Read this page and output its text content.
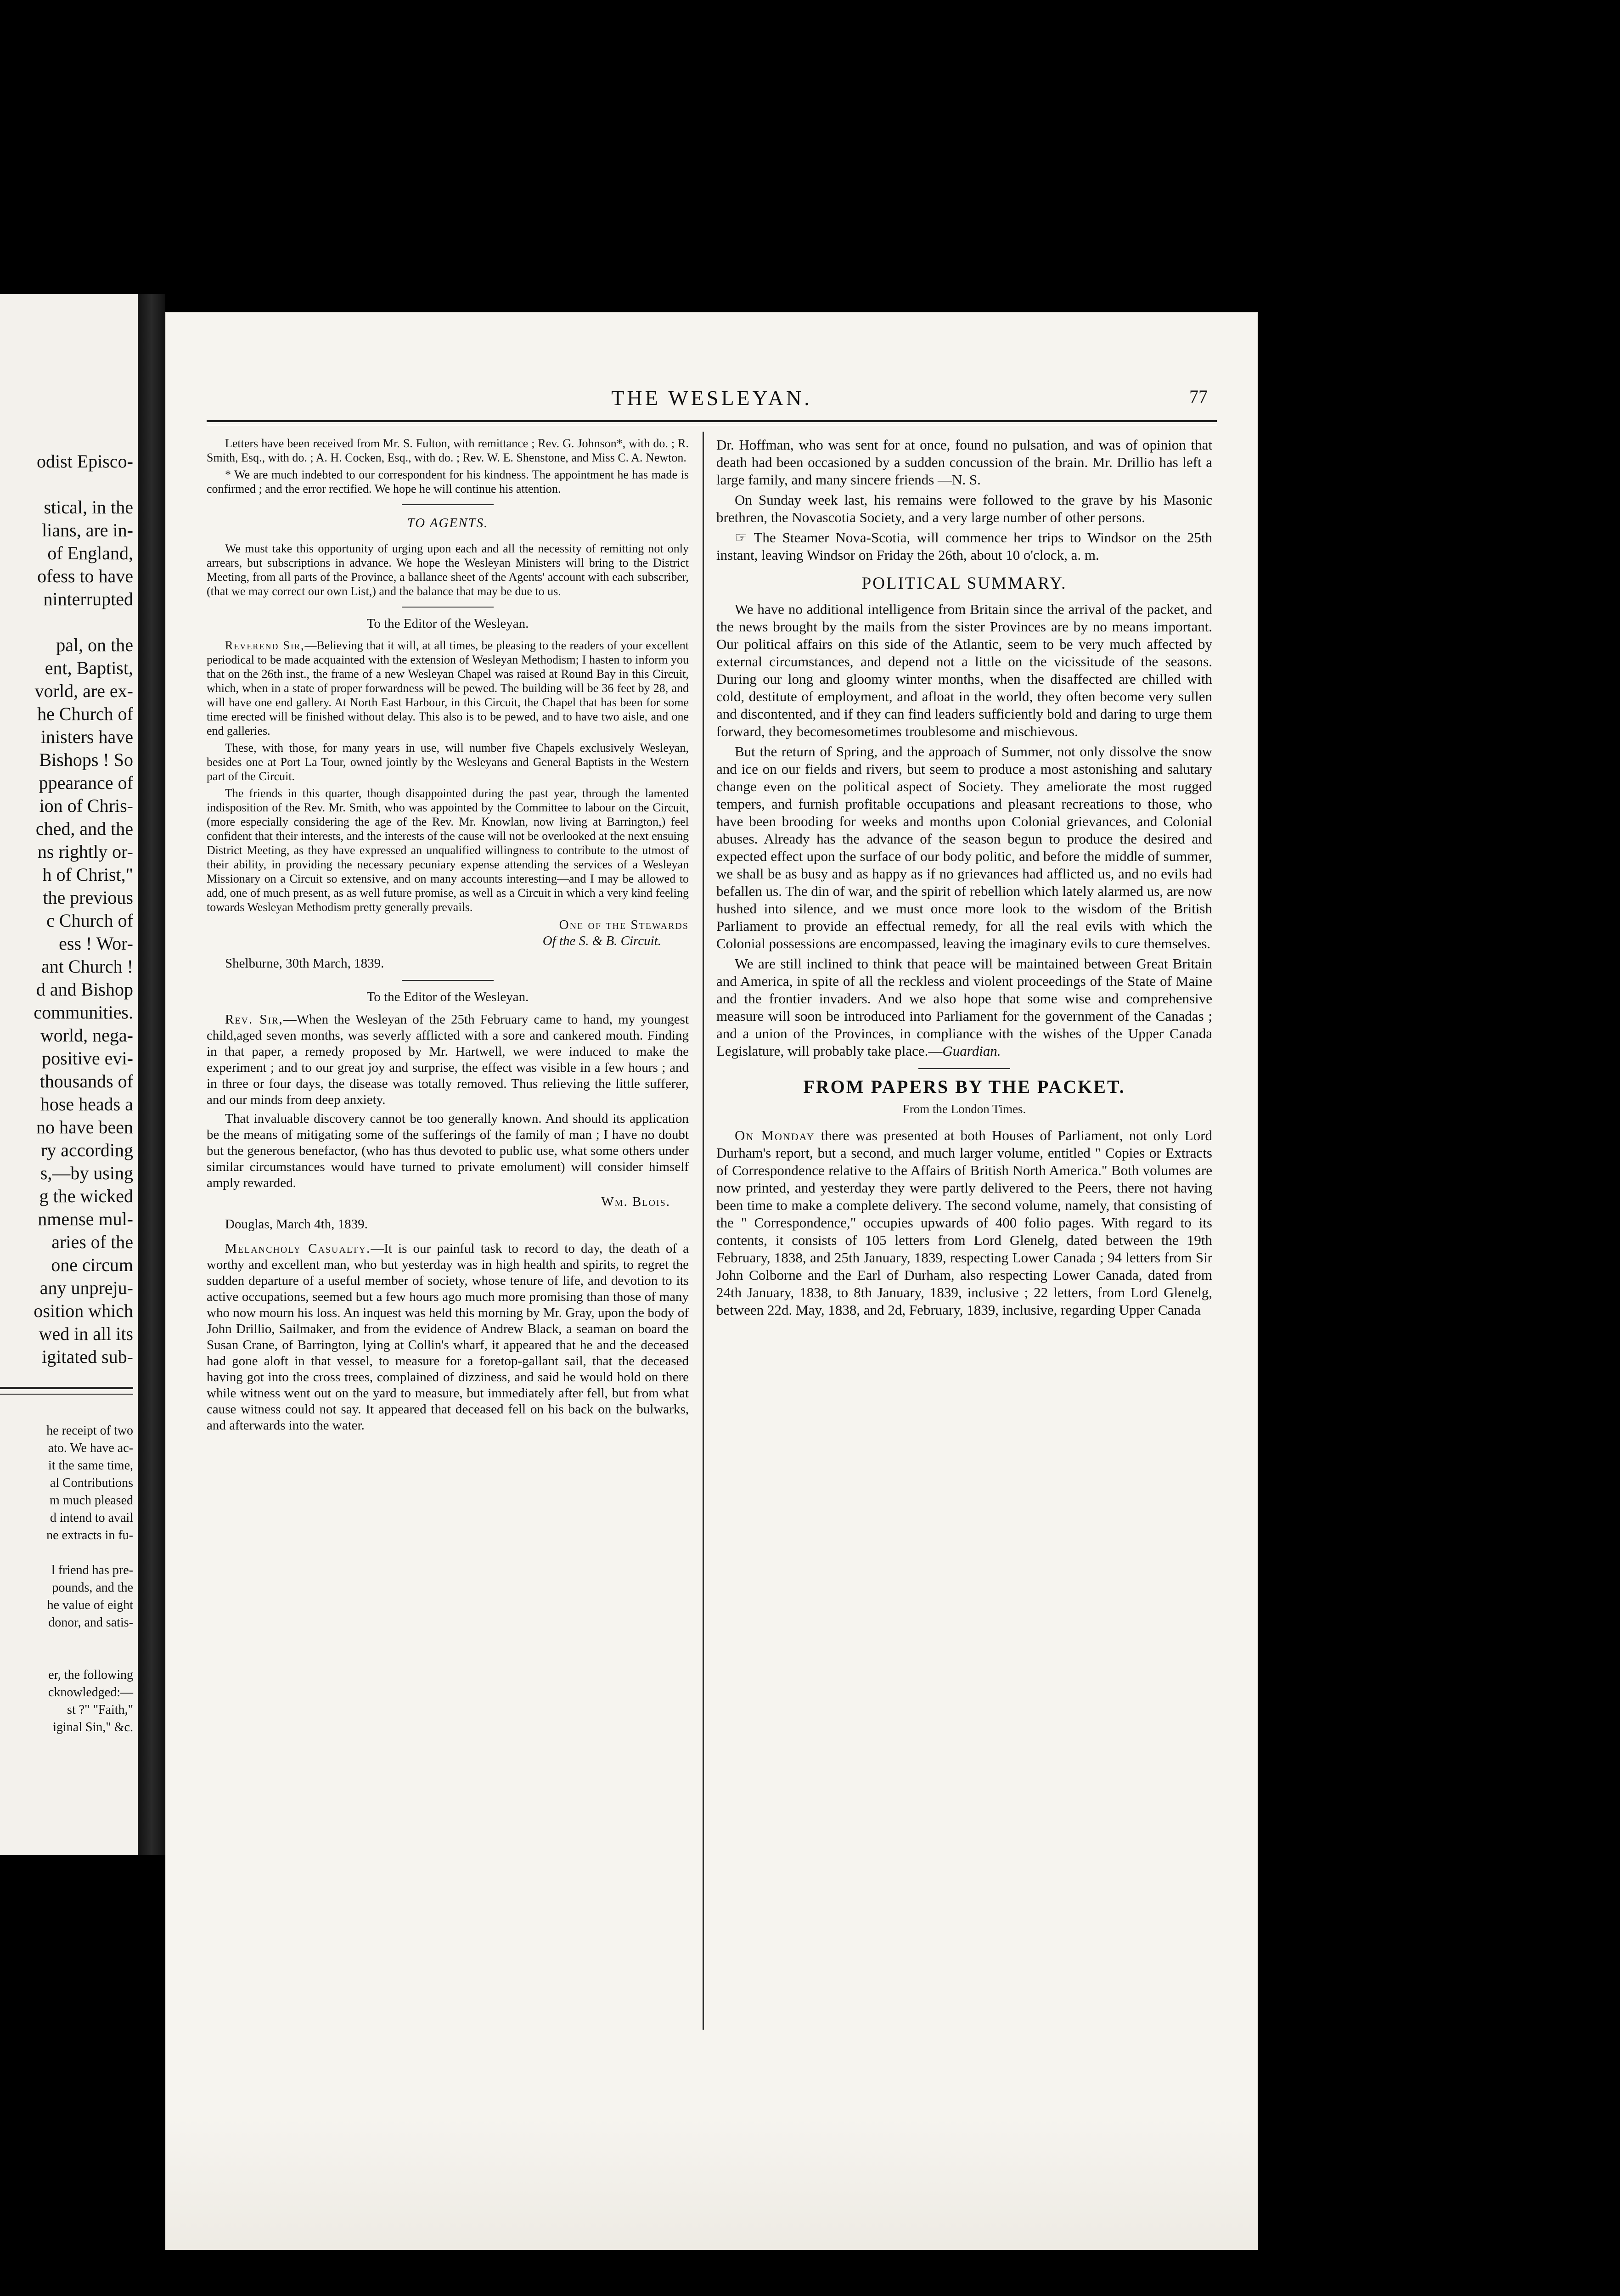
odist Episco-

stical, in the
lians, are in-
of England,
ofess to have
ninterrupted

pal, on the
ent, Baptist,
vorld, are ex-
he Church of
inisters have
Bishops ! So
ppearance of
ion of Chris-
ched, and the
ns rightly or-
h of Christ,"
the previous
c Church of
ess ! Wor-
ant Church !
d and Bishop
communities.
world, nega-
positive evi-
thousands of
hose heads a
no have been
ry according
s,—by using
g the wicked
nmense mul-
aries of the
one circum
any unpreju-
osition which
wed in all its
igitated sub-
he receipt of two
ato. We have ac-
it the same time,
al Contributions
m much pleased
d intend to avail
ne extracts in fu-

l friend has pre-
pounds, and the
he value of eight
donor, and satis-

er, the following
cknowledged:—
st ?" "Faith,"
iginal Sin," &c.
THE WESLEYAN.	77

Letters have been received from Mr. S. Fulton, with remittance ; Rev. G. Johnson*, with do. ; R. Smith, Esq., with do. ; A. H. Cocken, Esq., with do. ; Rev. W. E. Shenstone, and Miss C. A. Newton.

* We are much indebted to our correspondent for his kindness. The appointment he has made is confirmed ; and the error rectified. We hope he will continue his attention.

TO AGENTS.

We must take this opportunity of urging upon each and all the necessity of remitting not only arrears, but subscriptions in advance. We hope the Wesleyan Ministers will bring to the District Meeting, from all parts of the Province, a ballance sheet of the Agents' account with each subscriber, (that we may correct our own List,) and the balance that may be due to us.

To the Editor of the Wesleyan.

Reverend Sir,—Believing that it will, at all times, be pleasing to the readers of your excellent periodical to be made acquainted with the extension of Wesleyan Methodism; I hasten to inform you that on the 26th inst., the frame of a new Wesleyan Chapel was raised at Round Bay in this Circuit, which, when in a state of proper forwardness will be pewed. The building will be 36 feet by 28, and will have one end gallery. At North East Harbour, in this Circuit, the Chapel that has been for some time erected will be finished without delay. This also is to be pewed, and to have two aisle, and one end galleries.

These, with those, for many years in use, will number five Chapels exclusively Wesleyan, besides one at Port La Tour, owned jointly by the Wesleyans and General Baptists in the Western part of the Circuit.

The friends in this quarter, though disappointed during the past year, through the lamented indisposition of the Rev. Mr. Smith, who was appointed by the Committee to labour on the Circuit, (more especially considering the age of the Rev. Mr. Knowlan, now living at Barrington,) feel confident that their interests, and the interests of the cause will not be overlooked at the next ensuing District Meeting, as they have expressed an unqualified willingness to contribute to the utmost of their ability, in providing the necessary pecuniary expense attending the services of a Wesleyan Missionary on a Circuit so extensive, and on many accounts interesting—and I may be allowed to add, one of much present, as as well future promise, as well as a Circuit in which a very kind feeling towards Wesleyan Methodism pretty generally prevails.

One of the Stewards
Of the S. & B. Circuit.

Shelburne, 30th March, 1839.

To the Editor of the Wesleyan.

Rev. Sir,—When the Wesleyan of the 25th February came to hand, my youngest child,aged seven months, was severly afflicted with a sore and cankered mouth. Finding in that paper, a remedy proposed by Mr. Hartwell, we were induced to make the experiment ; and to our great joy and surprise, the effect was visible in a few hours ; and in three or four days, the disease was totally removed. Thus relieving the little sufferer, and our minds from deep anxiety.

That invaluable discovery cannot be too generally known. And should its application be the means of mitigating some of the sufferings of the family of man ; I have no doubt but the generous benefactor, (who has thus devoted to public use, what some others under similar circumstances would have turned to private emolument) will consider himself amply rewarded.

Wm. Blois.

Douglas, March 4th, 1839.

Melancholy Casualty.—It is our painful task to record to day, the death of a worthy and excellent man, who but yesterday was in high health and spirits, to regret the sudden departure of a useful member of society, whose tenure of life, and devotion to its active occupations, seemed but a few hours ago much more promising than those of many who now mourn his loss. An inquest was held this morning by Mr. Gray, upon the body of John Drillio, Sailmaker, and from the evidence of Andrew Black, a seaman on board the Susan Crane, of Barrington, lying at Collin's wharf, it appeared that he and the deceased had gone aloft in that vessel, to measure for a foretop-gallant sail, that the deceased having got into the cross trees, complained of dizziness, and said he would hold on there while witness went out on the yard to measure, but immediately after fell, but from what cause witness could not say. It appeared that deceased fell on his back on the bulwarks, and afterwards into the water.

Dr. Hoffman, who was sent for at once, found no pulsation, and was of opinion that death had been occasioned by a sudden concussion of the brain. Mr. Drillio has left a large family, and many sincere friends —N. S.

On Sunday week last, his remains were followed to the grave by his Masonic brethren, the Novascotia Society, and a very large number of other persons.

☞ The Steamer Nova-Scotia, will commence her trips to Windsor on the 25th instant, leaving Windsor on Friday the 26th, about 10 o'clock, a. m.

POLITICAL SUMMARY.

We have no additional intelligence from Britain since the arrival of the packet, and the news brought by the mails from the sister Provinces are by no means important. Our political affairs on this side of the Atlantic, seem to be very much affected by external circumstances, and depend not a little on the vicissitude of the seasons. During our long and gloomy winter months, when the disaffected are chilled with cold, destitute of employment, and afloat in the world, they often become very sullen and discontented, and if they can find leaders sufficiently bold and daring to urge them forward, they becomesometimes troublesome and mischievous.

But the return of Spring, and the approach of Summer, not only dissolve the snow and ice on our fields and rivers, but seem to produce a most astonishing and salutary change even on the political aspect of Society. They ameliorate the most rugged tempers, and furnish profitable occupations and pleasant recreations to those, who have been brooding for weeks and months upon Colonial grievances, and Colonial abuses. Already has the advance of the season begun to produce the desired and expected effect upon the surface of our body politic, and before the middle of summer, we shall be as busy and as happy as if no grievances had afflicted us, and no evils had befallen us. The din of war, and the spirit of rebellion which lately alarmed us, are now hushed into silence, and we must once more look to the wisdom of the British Parliament to provide an effectual remedy, for all the real evils with which the Colonial possessions are encompassed, leaving the imaginary evils to cure themselves.

We are still inclined to think that peace will be maintained between Great Britain and America, in spite of all the reckless and violent proceedings of the State of Maine and the frontier invaders. And we also hope that some wise and comprehensive measure will soon be introduced into Parliament for the government of the Canadas ; and a union of the Provinces, in compliance with the wishes of the Upper Canada Legislature, will probably take place.—Guardian.

FROM PAPERS BY THE PACKET.
From the London Times.

On Monday there was presented at both Houses of Parliament, not only Lord Durham's report, but a second, and much larger volume, entitled " Copies or Extracts of Correspondence relative to the Affairs of British North America." Both volumes are now printed, and yesterday they were partly delivered to the Peers, there not having been time to make a complete delivery. The second volume, namely, that consisting of the " Correspondence," occupies upwards of 400 folio pages. With regard to its contents, it consists of 105 letters from Lord Glenelg, dated between the 19th February, 1838, and 25th January, 1839, respecting Lower Canada ; 94 letters from Sir John Colborne and the Earl of Durham, also respecting Lower Canada, dated from 24th January, 1838, to 8th January, 1839, inclusive ; 22 letters, from Lord Glenelg, between 22d. May, 1838, and 2d, February, 1839, inclusive, regarding Upper Canada
